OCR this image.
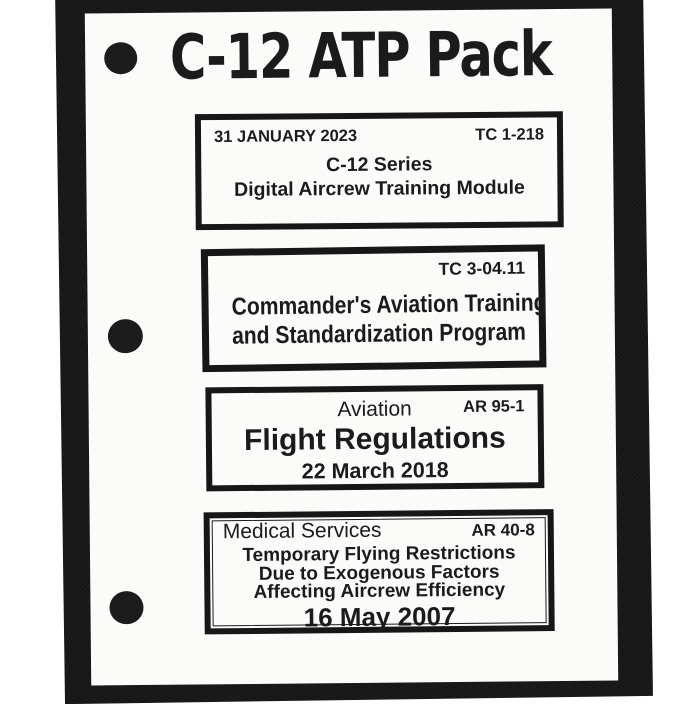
C-12 ATP Pack
31 JANUARY 2023	TC 1-218
C-12 Series
Digital Aircrew Training Module
TC 3-04.11
Commander's Aviation Training
and Standardization Program
Aviation	AR 95-1
Flight Regulations
22 March 2018
Medical Services	AR 40-8
Temporary Flying Restrictions
Due to Exogenous Factors
Affecting Aircrew Efficiency
16 May 2007
